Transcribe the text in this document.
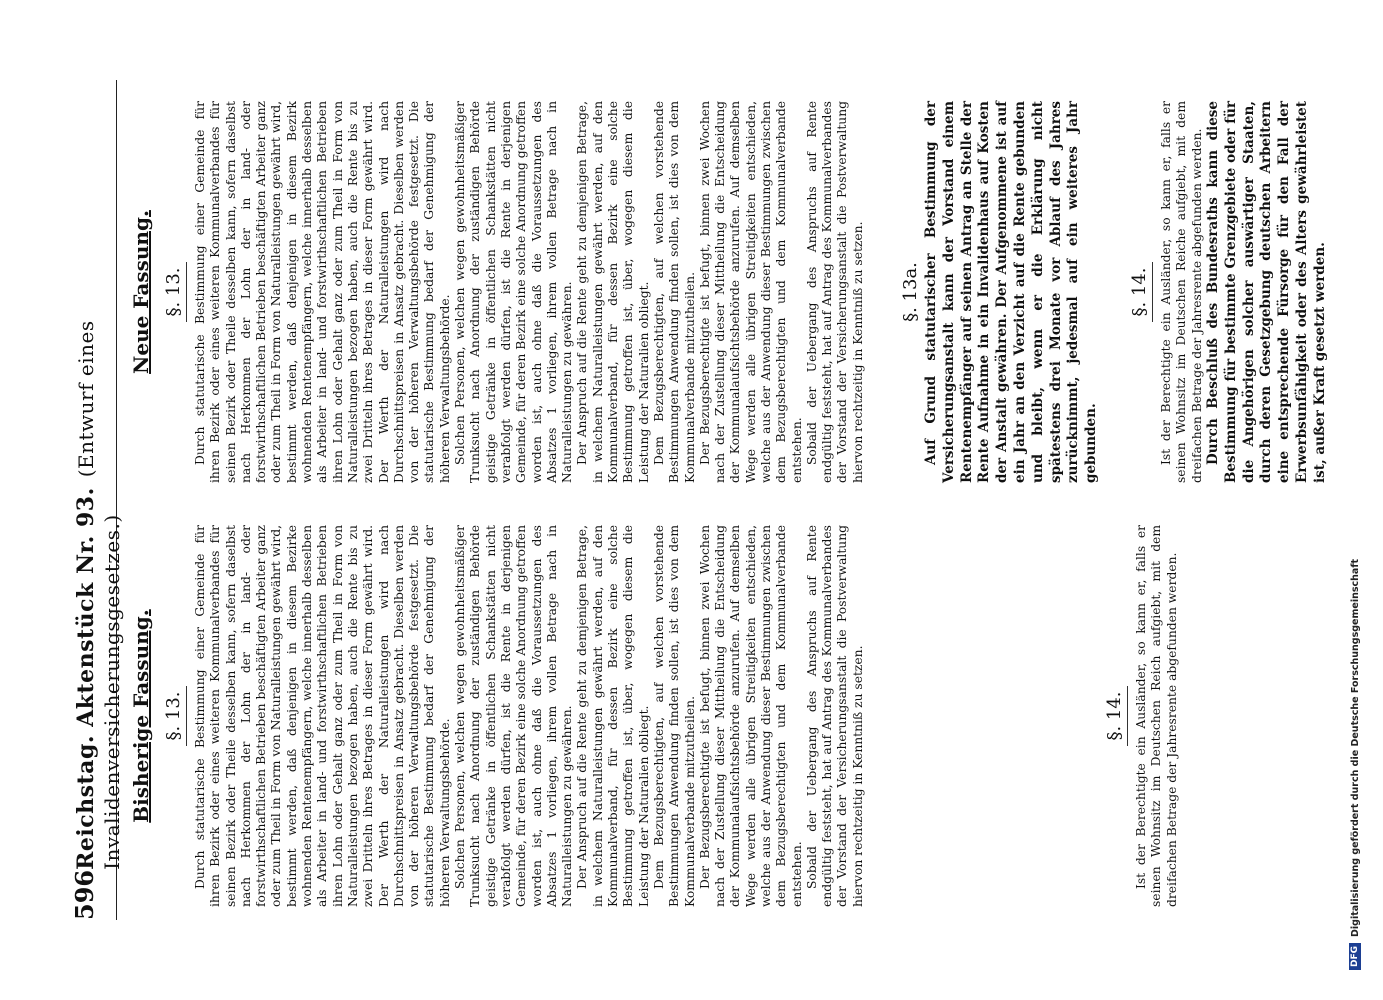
596
Reichstag. Aktenstück Nr. 93.(Entwurf eines Invalidenversicherungsgesetzes.) Bisherige Fassung. §. 13. Durch statutarische Bestimmung einer Gemeinde für ihren Bezirk oder eines weiteren Kommunalverbandes für seinen Bezirk oder Theile desselben kann, sofern daselbst nach Herkommen der Lohn der in land- oder forstwirthschaftlichen Betrieben beschäftigten Arbeiter ganz oder zum Theil in Form von Naturalleistungen gewährt wird, bestimmt werden, daß denjenigen in diesem Bezirke wohnenden Rentenempfängern, welche innerhalb desselben als Arbeiter in land- und forstwirthschaftlichen Betrieben ihren Lohn oder Gehalt ganz oder zum Theil in Form von Naturalleistungen bezogen haben, auch die Rente bis zu zwei Dritteln ihres Betrages in dieser Form gewährt wird. Der Werth der Naturalleistungen wird nach Durchschnittspreisen in Ansatz gebracht. Dieselben werden von der höheren Verwaltungsbehörde festgesetzt. Die statutarische Bestimmung bedarf der Genehmigung der höheren Verwaltungsbehörde. Solchen Personen, welchen wegen gewohnheitsmäßiger Trunksucht nach Anordnung der zuständigen Behörde geistige Getränke in öffentlichen Schankstätten nicht verabfolgt werden dürfen, ist die Rente in derjenigen Gemeinde, für deren Bezirk eine solche Anordnung getroffen worden ist, auch ohne daß die Voraussetzungen des Absatzes 1 vorliegen, ihrem vollen Betrage nach in Naturalleistungen zu gewähren. Der Anspruch auf die Rente geht zu demjenigen Betrage, in welchem Naturalleistungen gewährt werden, auf den Kommunalverband, für dessen Bezirk eine solche Bestimmung getroffen ist, über, wogegen diesem die Leistung der Naturalien obliegt. Dem Bezugsberechtigten, auf welchen vorstehende Bestimmungen Anwendung finden sollen, ist dies von dem Kommunalverbande mitzutheilen. Der Bezugsberechtigte ist befugt, binnen zwei Wochen nach der Zustellung dieser Mittheilung die Entscheidung der Kommunalaufsichtsbehörde anzurufen. Auf demselben Wege werden alle übrigen Streitigkeiten entschieden, welche aus der Anwendung dieser Bestimmungen zwischen dem Bezugsberechtigten und dem Kommunalverbande entstehen. Sobald der Uebergang des Anspruchs auf Rente endgültig feststeht, hat auf Antrag des Kommunalverbandes der Vorstand der Versicherungsanstalt die Postverwaltung hiervon rechtzeitig in Kenntniß zu setzen.	§. 14. Ist der Berechtigte ein Ausländer, so kann er, falls er seinen Wohnsitz im Deutschen Reich aufgiebt, mit dem dreifachen Betrage der Jahresrente abgefunden werden.

Neue Fassung. §. 13. Durch statutarische Bestimmung einer Gemeinde für ihren Bezirk oder eines weiteren Kommunalverbandes für seinen Bezirk oder Theile desselben kann, sofern daselbst nach Herkommen der Lohn der in land- oder forstwirthschaftlichen Betrieben beschäftigten Arbeiter ganz oder zum Theil in Form von Naturalleistungen gewährt wird, bestimmt werden, daß denjenigen in diesem Bezirk wohnenden Rentenempfängern, welche innerhalb desselben als Arbeiter in land- und forstwirthschaftlichen Betrieben ihren Lohn oder Gehalt ganz oder zum Theil in Form von Naturalleistungen bezogen haben, auch die Rente bis zu zwei Dritteln ihres Betrages in dieser Form gewährt wird. Der Werth der Naturalleistungen wird nach Durchschnittspreisen in Ansatz gebracht. Dieselben werden von der höheren Verwaltungsbehörde festgesetzt. Die statutarische Bestimmung bedarf der Genehmigung der höheren Verwaltungsbehörde. Solchen Personen, welchen wegen gewohnheitsmäßiger Trunksucht nach Anordnung der zuständigen Behörde geistige Getränke in öffentlichen Schankstätten nicht verabfolgt werden dürfen, ist die Rente in derjenigen Gemeinde, für deren Bezirk eine solche Anordnung getroffen worden ist, auch ohne daß die Voraussetzungen des Absatzes 1 vorliegen, ihrem vollen Betrage nach in Naturalleistungen zu gewähren. Der Anspruch auf die Rente geht zu demjenigen Betrage, in welchem Naturalleistungen gewährt werden, auf den Kommunalverband, für dessen Bezirk eine solche Bestimmung getroffen ist, über, wogegen diesem die Leistung der Naturalien obliegt. Dem Bezugsberechtigten, auf welchen vorstehende Bestimmungen Anwendung finden sollen, ist dies von dem Kommunalverbande mitzutheilen. Der Bezugsberechtigte ist befugt, binnen zwei Wochen nach der Zustellung dieser Mittheilung die Entscheidung der Kommunalaufsichtsbehörde anzurufen. Auf demselben Wege werden alle übrigen Streitigkeiten entschieden, welche aus der Anwendung dieser Bestimmungen zwischen dem Bezugsberechtigten und dem Kommunalverbande entstehen. Sobald der Uebergang des Anspruchs auf Rente endgültig feststeht, hat auf Antrag des Kommunalverbandes der Vorstand der Versicherungsanstalt die Postverwaltung hiervon rechtzeitig in Kenntniß zu setzen. §. 13a. Auf Grund statutarischer Bestimmung der Versicherungsanstalt kann der Vorstand einem Rentenempfänger auf seinen Antrag an Stelle der Rente Aufnahme in ein Invalidenhaus auf Kosten der Anstalt gewähren. Der Aufgenommene ist auf ein Jahr an den Verzicht auf die Rente gebunden und bleibt, wenn er die Erklärung nicht spätestens drei Monate vor Ablauf des Jahres zurücknimmt, jedesmal auf ein weiteres Jahr gebunden.

§. 14. Ist der Berechtigte ein Ausländer, so kann er, falls er seinen Wohnsitz im Deutschen Reiche aufgiebt, mit dem dreifachen Betrage der Jahresrente abgefunden werden. Durch Beschluß des Bundesraths kann diese Bestimmung für bestimmte Grenzgebiete oder für die Angehörigen solcher auswärtiger Staaten, durch deren Gesetzgebung deutschen Arbeitern eine entsprechende Fürsorge für den Fall der Erwerbsunfähigkeit oder des Alters gewährleistet ist, außer Kraft gesetzt werden.

DFG
Digitalisierung gefördert durch die Deutsche Forschungsgemeinschaft
